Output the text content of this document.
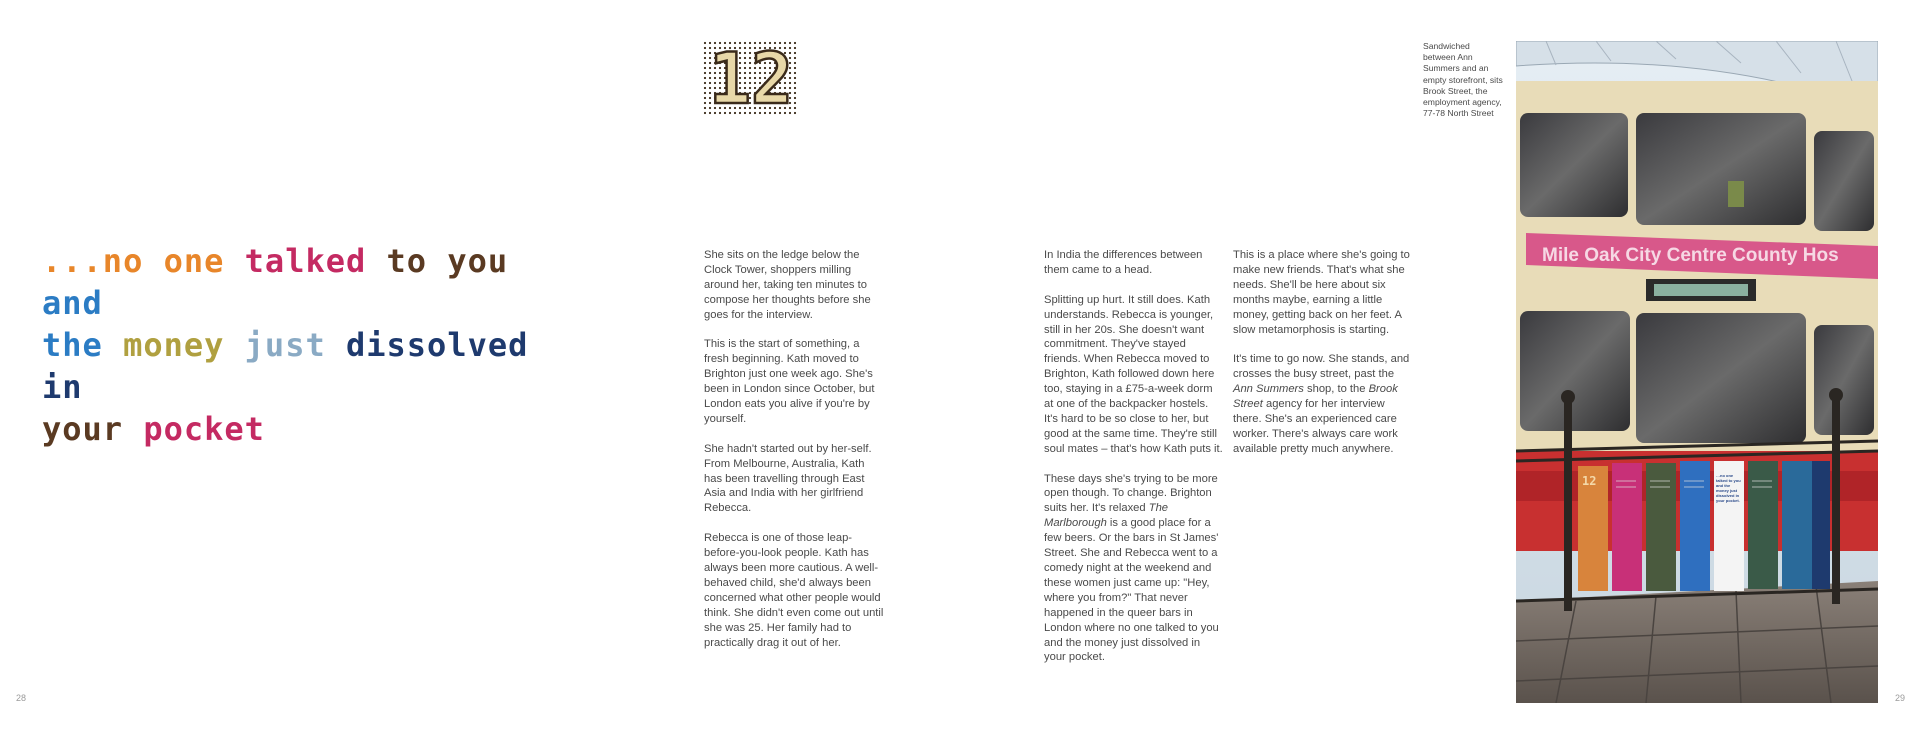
...no one talked to you and
the money just dissolved in
your pocket
12

She sits on the ledge below the Clock Tower, shoppers milling around her, taking ten minutes to compose her thoughts before she goes for the interview.

This is the start of something, a fresh beginning. Kath moved to Brighton just one week ago. She's been in London since October, but London eats you alive if you're by yourself.

She hadn't started out by her-self. From Melbourne, Australia, Kath has been travelling through East Asia and India with her girlfriend Rebecca.

Rebecca is one of those leap-before-you-look people. Kath has always been more cautious. A well-behaved child, she'd always been concerned what other people would think. She didn't even come out until she was 25. Her family had to practically drag it out of her.

In India the differences between them came to a head.

Splitting up hurt. It still does. Kath understands. Rebecca is younger, still in her 20s. She doesn't want commitment. They've stayed friends. When Rebecca moved to Brighton, Kath followed down here too, staying in a £75-a-week dorm at one of the backpacker hostels. It's hard to be so close to her, but good at the same time. They're still soul mates – that's how Kath puts it.

These days she's trying to be more open though. To change. Brighton suits her. It's relaxed The Marlborough is a good place for a few beers. Or the bars in St James' Street. She and Rebecca went to a comedy night at the weekend and these women just came up: "Hey, where you from?" That never happened in the queer bars in London where no one talked to you and the money just dissolved in your pocket.

This is a place where she's going to make new friends. That's what she needs. She'll be here about six months maybe, earning a little money, getting back on her feet. A slow metamorphosis is starting.

It's time to go now. She stands, and crosses the busy street, past the Ann Summers shop, to the Brook Street agency for her interview there. She's an experienced care worker. There's always care work available pretty much anywhere.

Sandwiched between Ann Summers and an empty storefront, sits Brook Street, the employment agency, 77-78 North Street

Mile Oak City Centre County Hos
12	…no one talked to you and the money just dissolved in your pocket.
28	29
